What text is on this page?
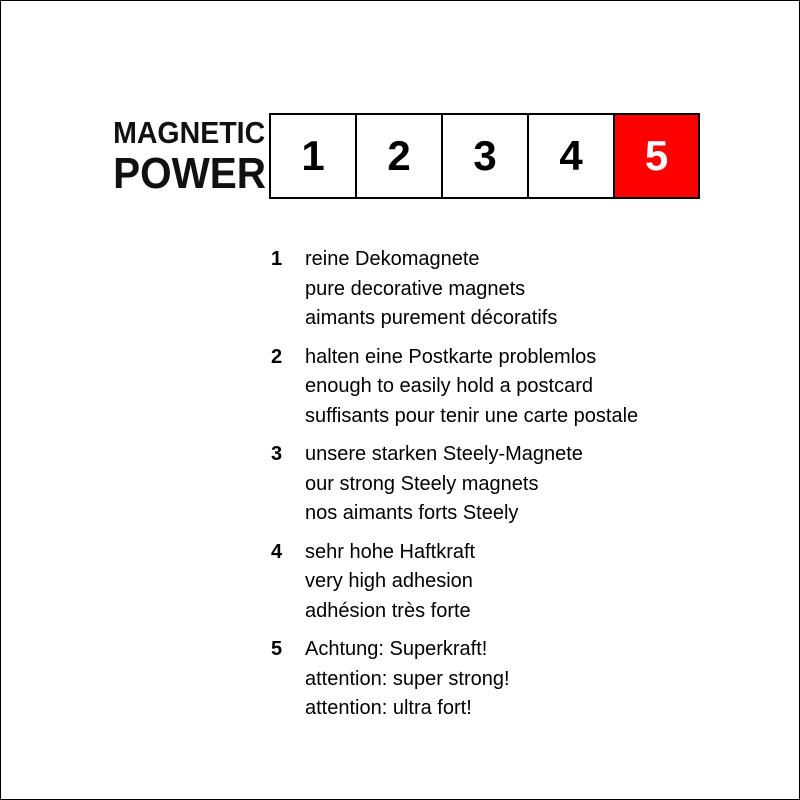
MAGNETIC
POWER 1	2	3	4	5
1	reine Dekomagnete
pure decorative magnets
aimants purement décoratifs
2	halten eine Postkarte problemlos
enough to easily hold a postcard
suffisants pour tenir une carte postale
3	unsere starken Steely-Magnete
our strong Steely magnets
nos aimants forts Steely
4	sehr hohe Haftkraft
very high adhesion
adhésion très forte
5	Achtung: Superkraft!
attention: super strong!
attention: ultra fort!
